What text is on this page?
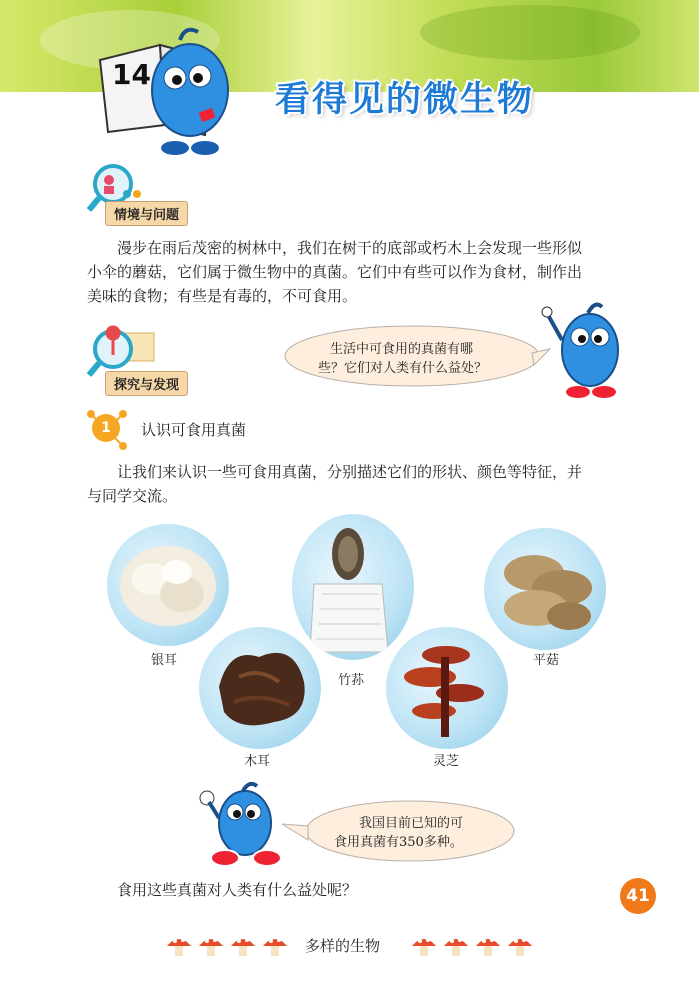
14
看得见的微生物
情境与问题
漫步在雨后茂密的树林中，我们在树干的底部或朽木上会发现一些形似
小伞的蘑菇，它们属于微生物中的真菌。它们中有些可以作为食材，制作出
美味的食物；有些是有毒的，不可食用。
探究与发现
生活中可食用的真菌有哪
些？它们对人类有什么益处？
1	认识可食用真菌
让我们来认识一些可食用真菌，分别描述它们的形状、颜色等特征，并
与同学交流。
银耳
竹荪
平菇
木耳	灵芝
我国目前已知的可
食用真菌有350多种。
食用这些真菌对人类有什么益处呢？	41
多样的生物
